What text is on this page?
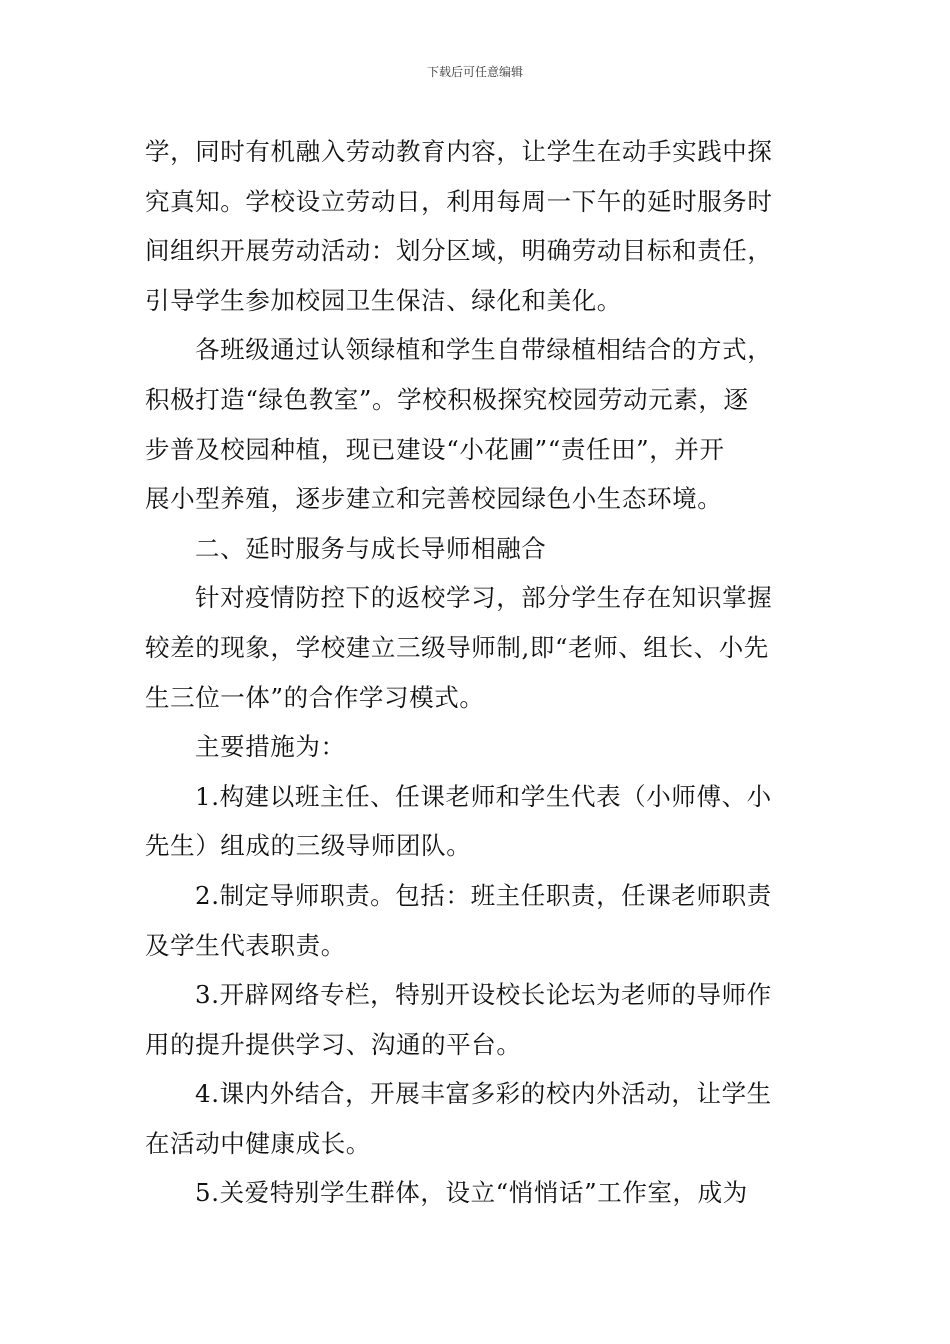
下载后可任意编辑
学，同时有机融入劳动教育内容，让学生在动手实践中探
究真知。学校设立劳动日，利用每周一下午的延时服务时
间组织开展劳动活动：划分区域，明确劳动目标和责任，
引导学生参加校园卫生保洁、绿化和美化。
各班级通过认领绿植和学生自带绿植相结合的方式，
积极打造“绿色教室”。学校积极探究校园劳动元素，逐
步普及校园种植，现已建设“小花圃”“责任田”，并开
展小型养殖，逐步建立和完善校园绿色小生态环境。
二、延时服务与成长导师相融合
针对疫情防控下的返校学习，部分学生存在知识掌握
较差的现象，学校建立三级导师制,即“老师、组长、小先
生三位一体”的合作学习模式。
主要措施为：
1.构建以班主任、任课老师和学生代表（小师傅、小
先生）组成的三级导师团队。
2.制定导师职责。包括：班主任职责，任课老师职责
及学生代表职责。
3.开辟网络专栏，特别开设校长论坛为老师的导师作
用的提升提供学习、沟通的平台。
4.课内外结合，开展丰富多彩的校内外活动，让学生
在活动中健康成长。
5.关爱特别学生群体，设立“悄悄话”工作室，成为
